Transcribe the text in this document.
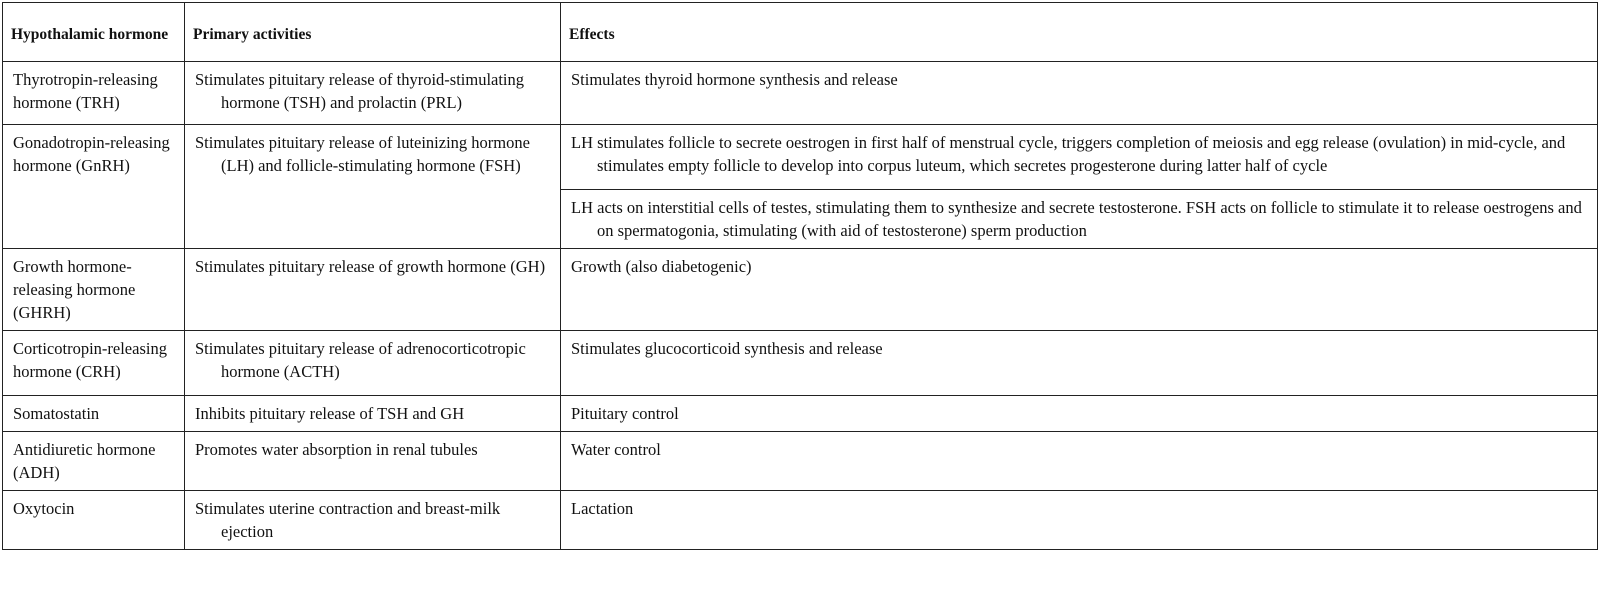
Hypothalamic hormone	Primary activities	Effects

Thyrotropin-releasing hormone (TRH)	Stimulates pituitary release of thyroid-stimulating hormone (TSH) and prolactin (PRL)	Stimulates thyroid hormone synthesis and release

Gonadotropin-releasing hormone (GnRH)	Stimulates pituitary release of luteinizing hormone (LH) and follicle-stimulating hormone (FSH)	LH stimulates follicle to secrete oestrogen in first half of menstrual cycle, triggers completion of meiosis and egg release (ovulation) in mid-cycle, and stimulates empty follicle to develop into corpus luteum, which secretes progesterone during latter half of cycle

		LH acts on interstitial cells of testes, stimulating them to synthesize and secrete testosterone. FSH acts on follicle to stimulate it to release oestrogens and on spermatogonia, stimulating (with aid of testosterone) sperm production

Growth hormone-releasing hormone (GHRH)	Stimulates pituitary release of growth hormone (GH)	Growth (also diabetogenic)

Corticotropin-releasing hormone (CRH)	Stimulates pituitary release of adrenocorticotropic hormone (ACTH)	Stimulates glucocorticoid synthesis and release

Somatostatin	Inhibits pituitary release of TSH and GH	Pituitary control

Antidiuretic hormone (ADH)	Promotes water absorption in renal tubules	Water control

Oxytocin	Stimulates uterine contraction and breast-milk ejection	Lactation
